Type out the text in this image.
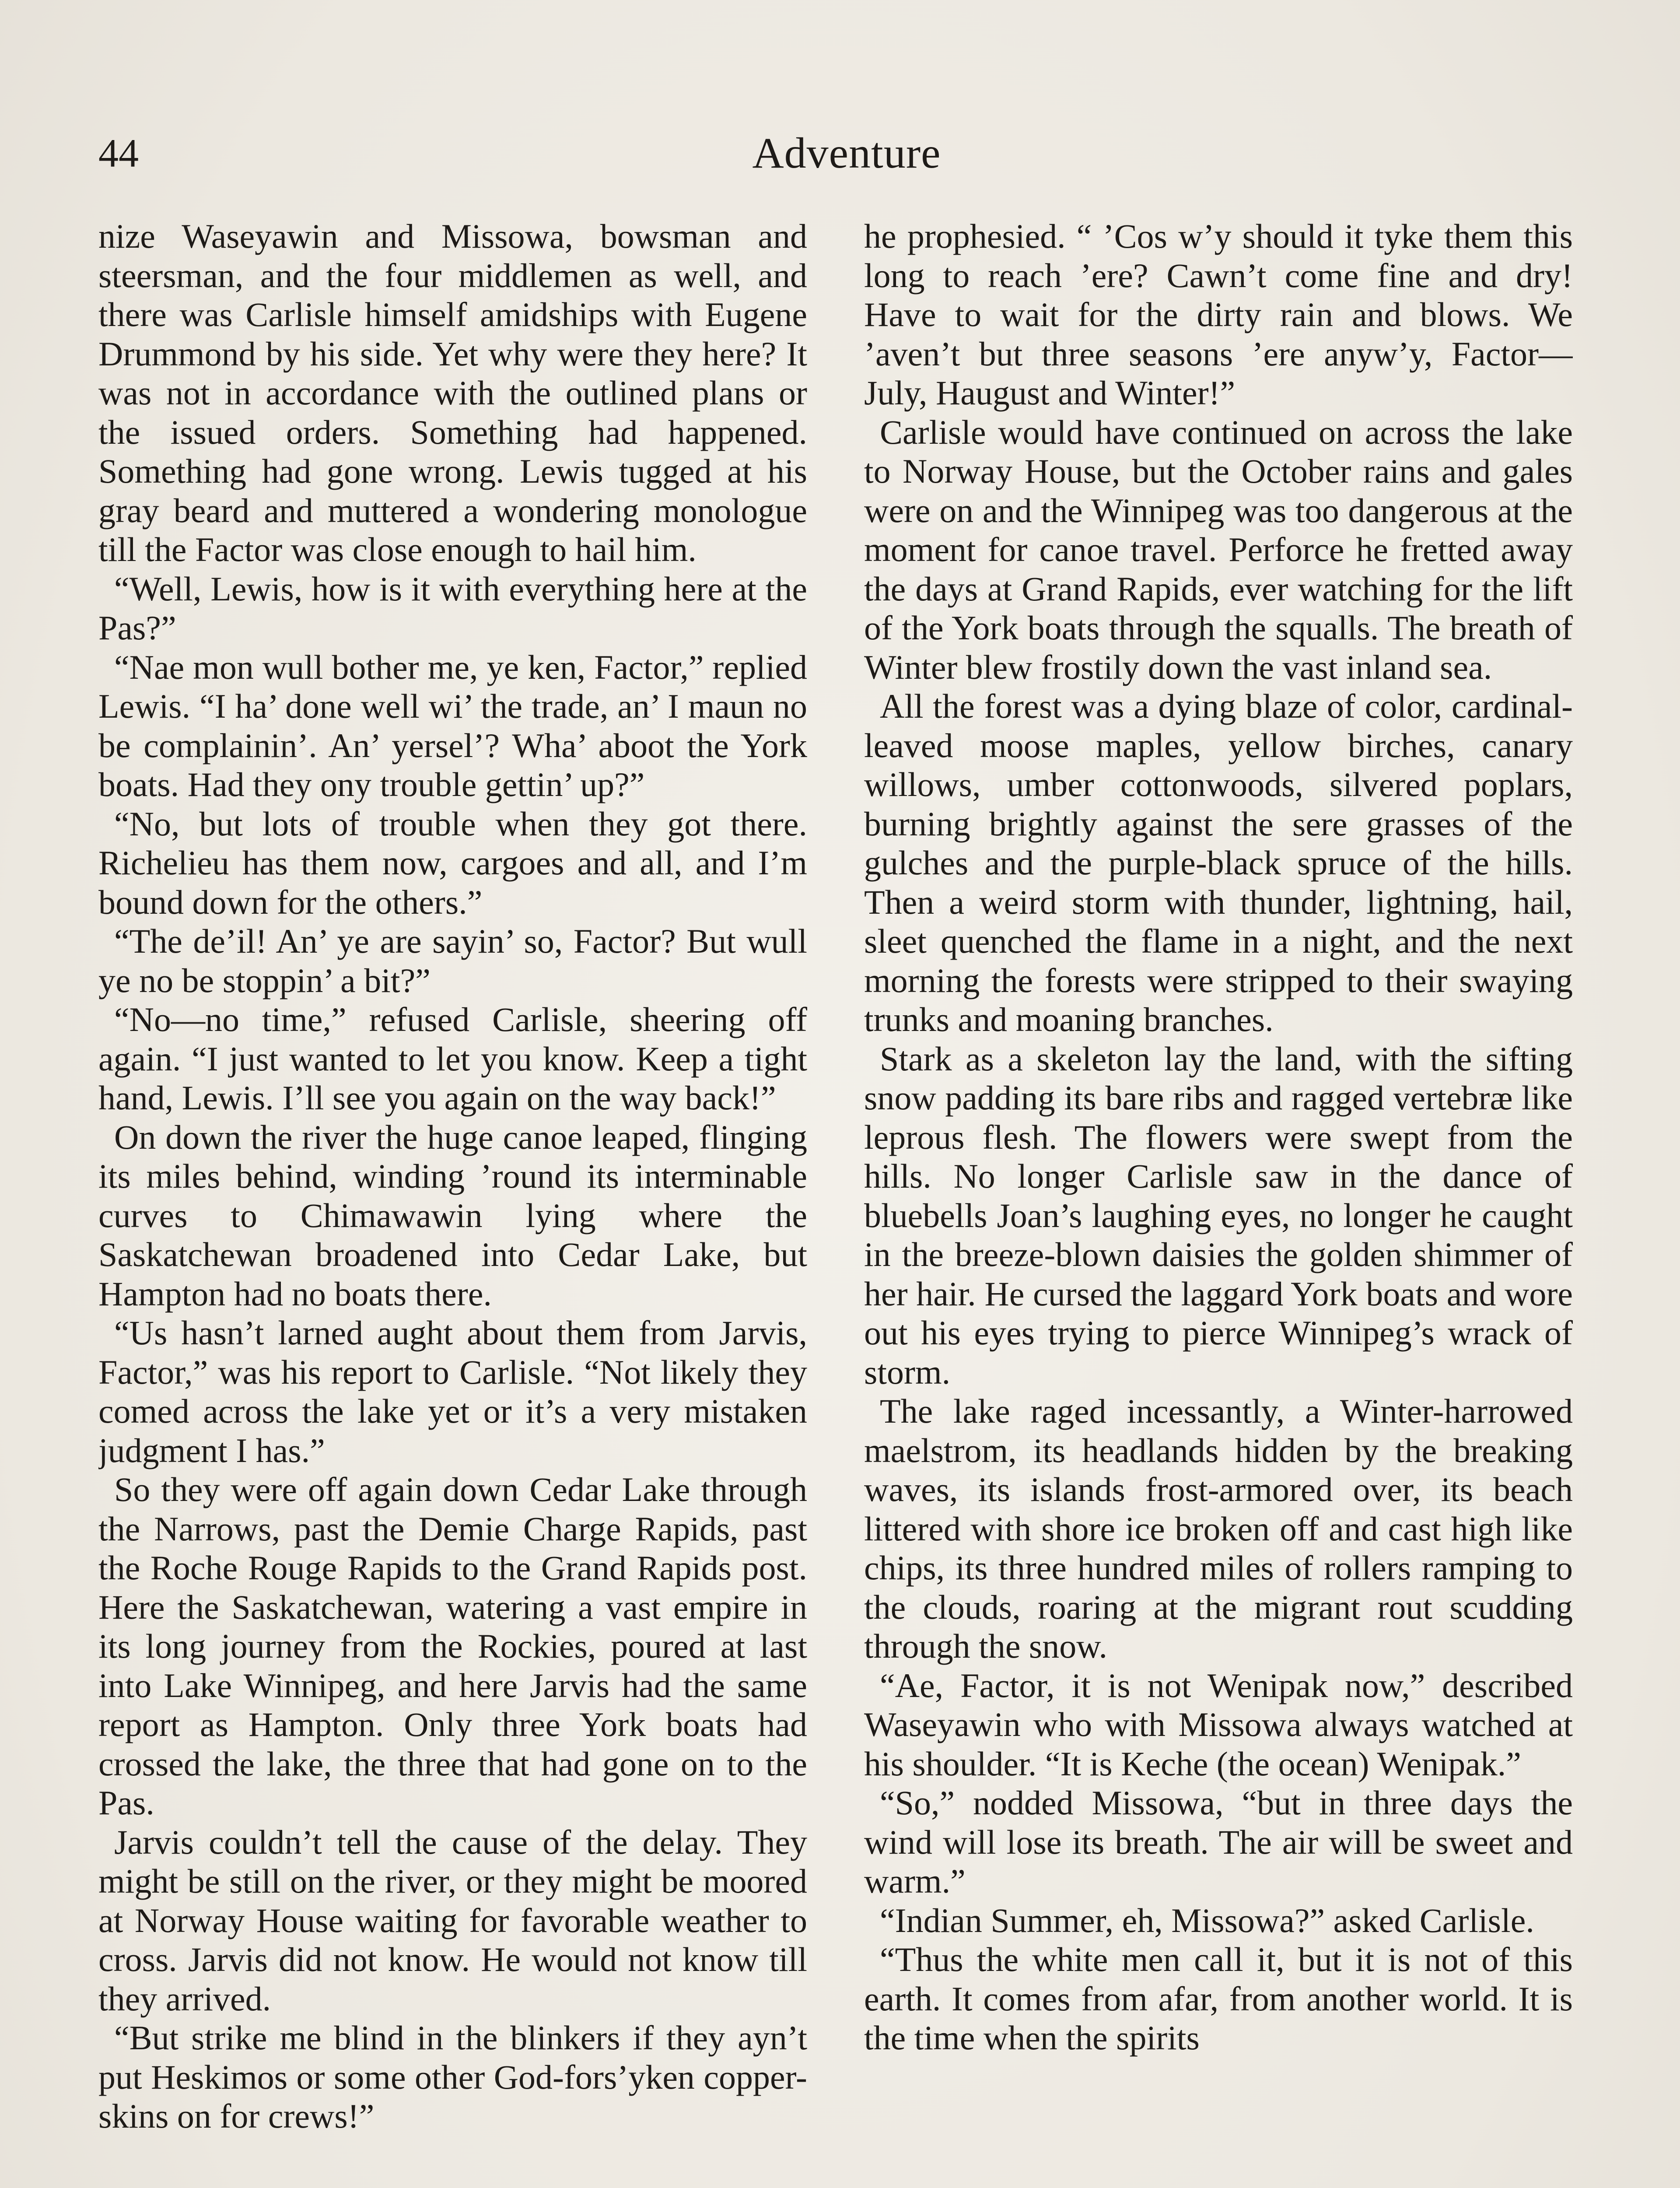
44	Adventure

nize Waseyawin and Missowa, bowsman and steersman, and the four middlemen as well, and there was Carlisle himself amidships with Eugene Drummond by his side. Yet why were they here? It was not in accordance with the outlined plans or the issued orders. Something had happened. Something had gone wrong. Lewis tugged at his gray beard and muttered a wondering monologue till the Factor was close enough to hail him.

“Well, Lewis, how is it with everything here at the Pas?”

“Nae mon wull bother me, ye ken, Factor,” replied Lewis. “I ha’ done well wi’ the trade, an’ I maun no be complainin’. An’ yersel’? Wha’ aboot the York boats. Had they ony trouble gettin’ up?”

“No, but lots of trouble when they got there. Richelieu has them now, cargoes and all, and I’m bound down for the others.”

“The de’il! An’ ye are sayin’ so, Factor? But wull ye no be stoppin’ a bit?”

“No—no time,” refused Carlisle, sheering off again. “I just wanted to let you know. Keep a tight hand, Lewis. I’ll see you again on the way back!”

On down the river the huge canoe leaped, flinging its miles behind, winding ’round its interminable curves to Chimawawin lying where the Saskatchewan broadened into Cedar Lake, but Hampton had no boats there.

“Us hasn’t larned aught about them from Jarvis, Factor,” was his report to Carlisle. “Not likely they comed across the lake yet or it’s a very mistaken judgment I has.”

So they were off again down Cedar Lake through the Narrows, past the Demie Charge Rapids, past the Roche Rouge Rapids to the Grand Rapids post. Here the Saskatchewan, watering a vast empire in its long journey from the Rockies, poured at last into Lake Winnipeg, and here Jarvis had the same report as Hampton. Only three York boats had crossed the lake, the three that had gone on to the Pas.

Jarvis couldn’t tell the cause of the delay. They might be still on the river, or they might be moored at Norway House waiting for favorable weather to cross. Jarvis did not know. He would not know till they arrived.

“But strike me blind in the blinkers if they ayn’t put Heskimos or some other God-fors’yken copper-skins on for crews!”

he prophesied. “ ’Cos w’y should it tyke them this long to reach ’ere? Cawn’t come fine and dry! Have to wait for the dirty rain and blows. We ’aven’t but three seasons ’ere anyw’y, Factor—July, Haugust and Winter!”

Carlisle would have continued on across the lake to Norway House, but the October rains and gales were on and the Winnipeg was too dangerous at the moment for canoe travel. Perforce he fretted away the days at Grand Rapids, ever watching for the lift of the York boats through the squalls. The breath of Winter blew frostily down the vast inland sea.

All the forest was a dying blaze of color, cardinal-leaved moose maples, yellow birches, canary willows, umber cottonwoods, silvered poplars, burning brightly against the sere grasses of the gulches and the purple-black spruce of the hills. Then a weird storm with thunder, lightning, hail, sleet quenched the flame in a night, and the next morning the forests were stripped to their swaying trunks and moaning branches.

Stark as a skeleton lay the land, with the sifting snow padding its bare ribs and ragged vertebræ like leprous flesh. The flowers were swept from the hills. No longer Carlisle saw in the dance of bluebells Joan’s laughing eyes, no longer he caught in the breeze-blown daisies the golden shimmer of her hair. He cursed the laggard York boats and wore out his eyes trying to pierce Winnipeg’s wrack of storm.

The lake raged incessantly, a Winter-harrowed maelstrom, its headlands hidden by the breaking waves, its islands frost-armored over, its beach littered with shore ice broken off and cast high like chips, its three hundred miles of rollers ramping to the clouds, roaring at the migrant rout scudding through the snow.

“Ae, Factor, it is not Wenipak now,” described Waseyawin who with Missowa always watched at his shoulder. “It is Keche (the ocean) Wenipak.”

“So,” nodded Missowa, “but in three days the wind will lose its breath. The air will be sweet and warm.”

“Indian Summer, eh, Missowa?” asked Carlisle.

“Thus the white men call it, but it is not of this earth. It comes from afar, from another world. It is the time when the spirits
